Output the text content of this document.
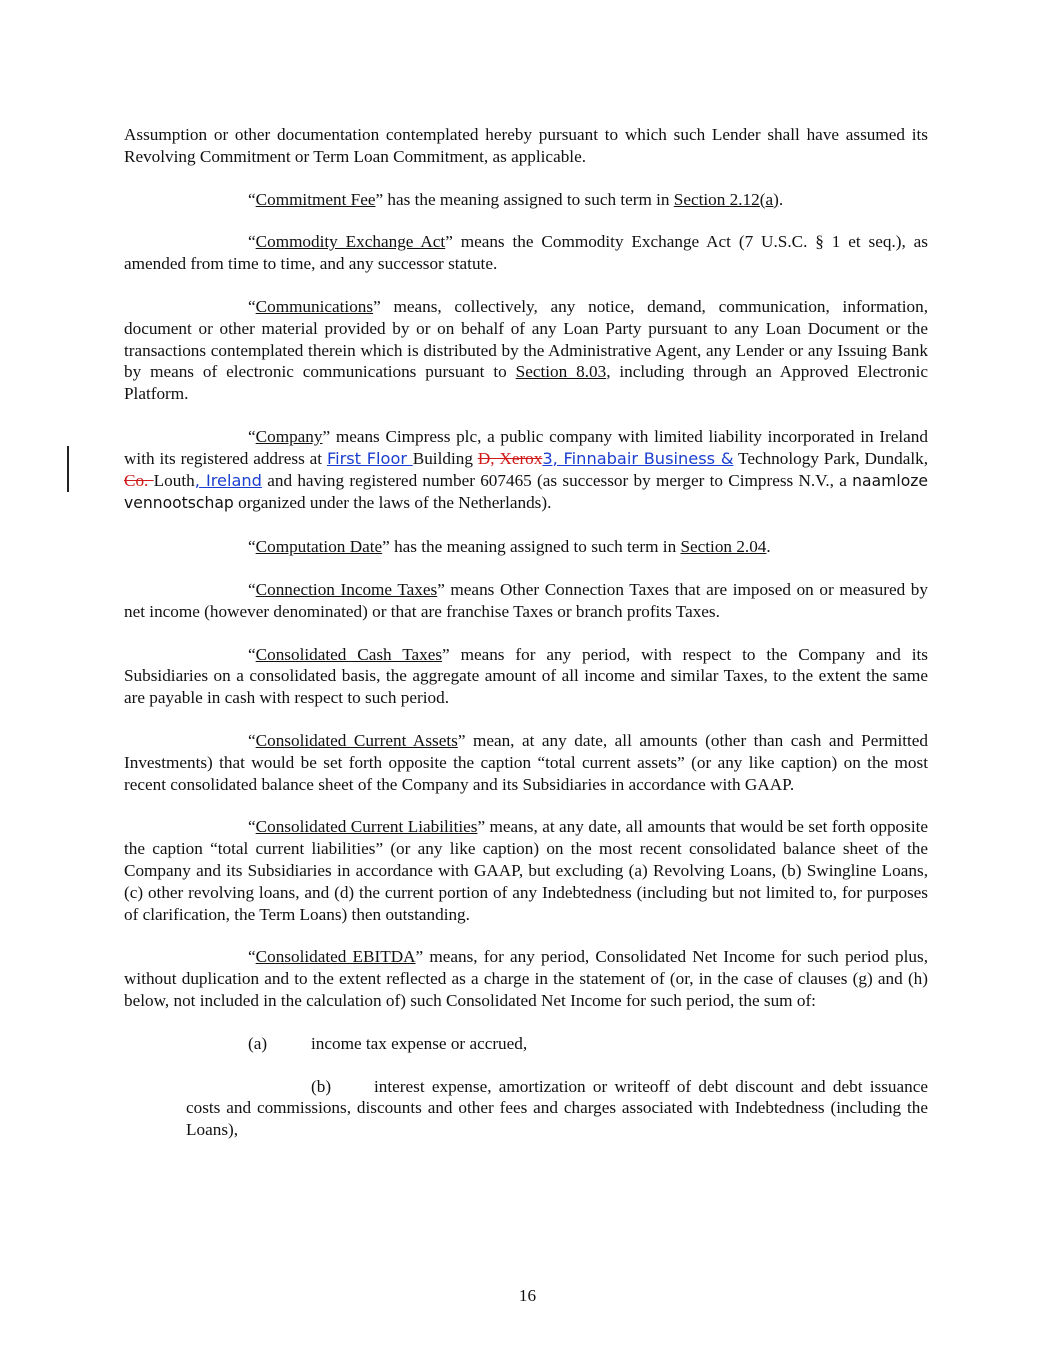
Assumption or other documentation contemplated hereby pursuant to which such Lender shall have assumed its Revolving Commitment or Term Loan Commitment, as applicable.

“Commitment Fee” has the meaning assigned to such term in Section 2.12(a).

“Commodity Exchange Act” means the Commodity Exchange Act (7 U.S.C. § 1 et seq.), as amended from time to time, and any successor statute.

“Communications” means, collectively, any notice, demand, communication, information, document or other material provided by or on behalf of any Loan Party pursuant to any Loan Document or the transactions contemplated therein which is distributed by the Administrative Agent, any Lender or any Issuing Bank by means of electronic communications pursuant to Section 8.03, including through an Approved Electronic Platform.

“Company” means Cimpress plc, a public company with limited liability incorporated in Ireland with its registered address at First Floor Building D, Xerox3, Finnabair Business & Technology Park, Dundalk, Co. Louth, Ireland and having registered number 607465 (as successor by merger to Cimpress N.V., a naamloze vennootschap organized under the laws of the Netherlands).

“Computation Date” has the meaning assigned to such term in Section 2.04.

“Connection Income Taxes” means Other Connection Taxes that are imposed on or measured by net income (however denominated) or that are franchise Taxes or branch profits Taxes.

“Consolidated Cash Taxes” means for any period, with respect to the Company and its Subsidiaries on a consolidated basis, the aggregate amount of all income and similar Taxes, to the extent the same are payable in cash with respect to such period.

“Consolidated Current Assets” mean, at any date, all amounts (other than cash and Permitted Investments) that would be set forth opposite the caption “total current assets” (or any like caption) on the most recent consolidated balance sheet of the Company and its Subsidiaries in accordance with GAAP.

“Consolidated Current Liabilities” means, at any date, all amounts that would be set forth opposite the caption “total current liabilities” (or any like caption) on the most recent consolidated balance sheet of the Company and its Subsidiaries in accordance with GAAP, but excluding (a) Revolving Loans, (b) Swingline Loans, (c) other revolving loans, and (d) the current portion of any Indebtedness (including but not limited to, for purposes of clarification, the Term Loans) then outstanding.

“Consolidated EBITDA” means, for any period, Consolidated Net Income for such period plus, without duplication and to the extent reflected as a charge in the statement of (or, in the case of clauses (g) and (h) below, not included in the calculation of) such Consolidated Net Income for such period, the sum of:

(a)	income tax expense or accrued,

(b) interest expense, amortization or writeoff of debt discount and debt issuance costs and commissions, discounts and other fees and charges associated with Indebtedness (including the Loans),

16
